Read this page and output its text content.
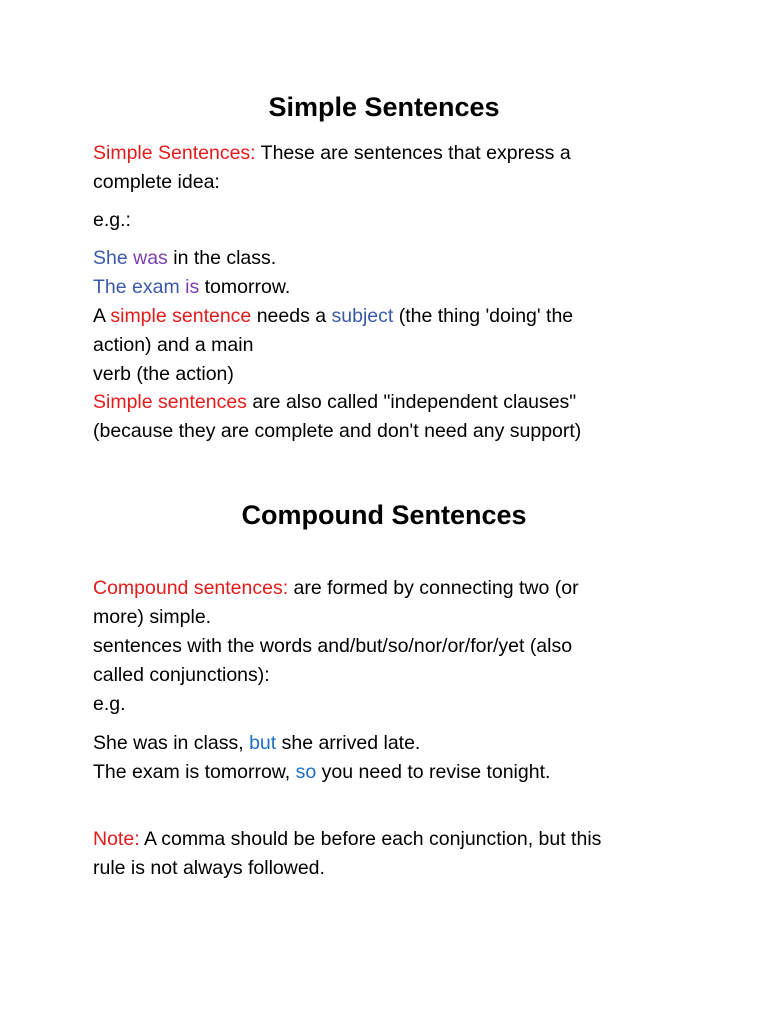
Simple Sentences

Simple Sentences: These are sentences that express a

complete idea:

e.g.:

She was in the class.

The exam is tomorrow.

A simple sentence needs a subject (the thing 'doing' the

action) and a main

verb (the action)

Simple sentences are also called "independent clauses"

(because they are complete and don't need any support)

Compound Sentences

Compound sentences: are formed by connecting two (or

more) simple.

sentences with the words and/but/so/nor/or/for/yet (also

called conjunctions):

e.g.

She was in class, but she arrived late.

The exam is tomorrow, so you need to revise tonight.

Note: A comma should be before each conjunction, but this

rule is not always followed.
